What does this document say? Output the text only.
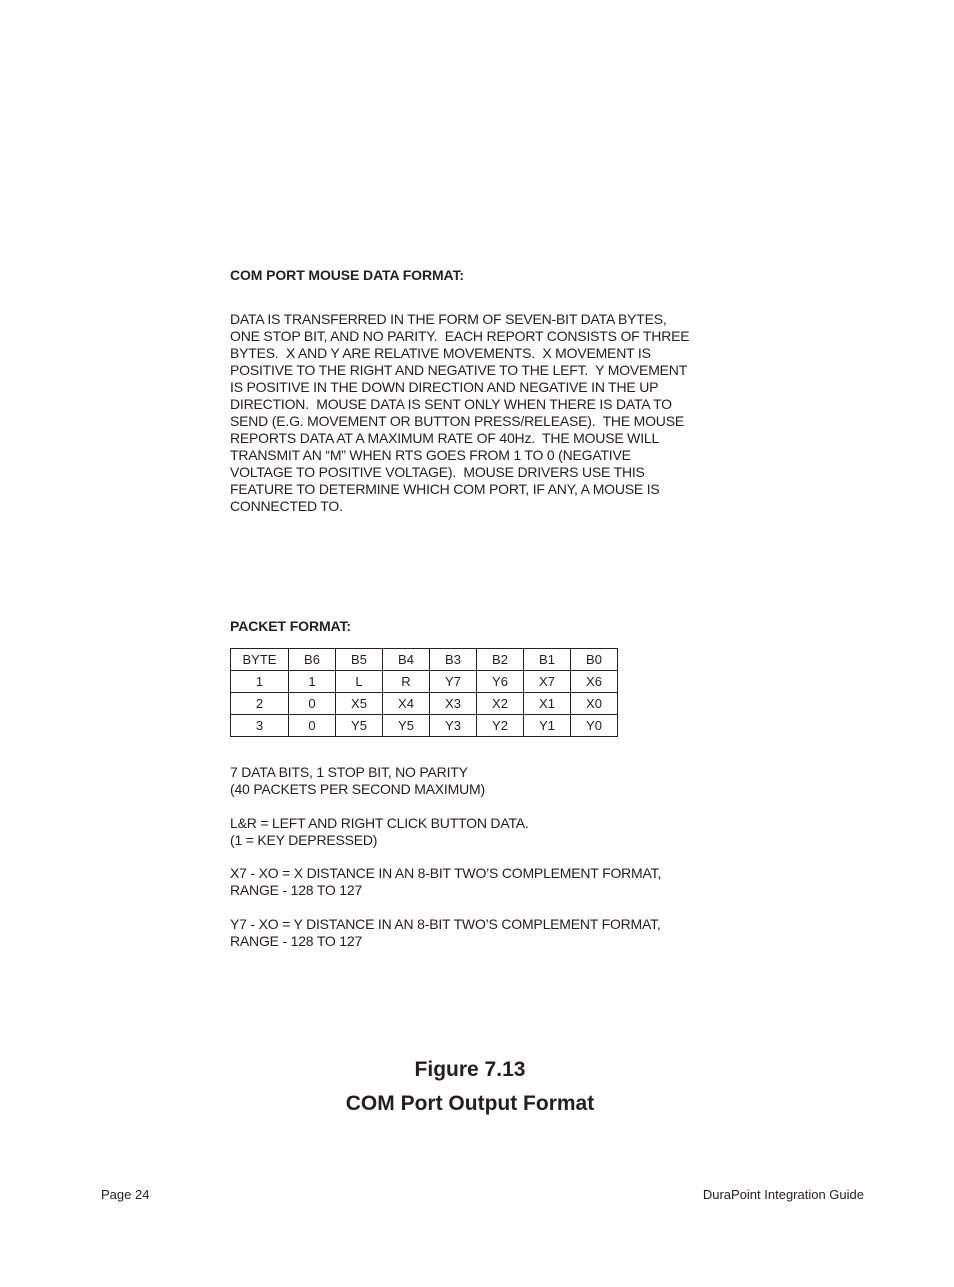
COM PORT MOUSE DATA FORMAT:
DATA IS TRANSFERRED IN THE FORM OF SEVEN-BIT DATA BYTES,
ONE STOP BIT, AND NO PARITY.  EACH REPORT CONSISTS OF THREE
BYTES.  X AND Y ARE RELATIVE MOVEMENTS.  X MOVEMENT IS
POSITIVE TO THE RIGHT AND NEGATIVE TO THE LEFT.  Y MOVEMENT
IS POSITIVE IN THE DOWN DIRECTION AND NEGATIVE IN THE UP
DIRECTION.  MOUSE DATA IS SENT ONLY WHEN THERE IS DATA TO
SEND (E.G. MOVEMENT OR BUTTON PRESS/RELEASE).  THE MOUSE
REPORTS DATA AT A MAXIMUM RATE OF 40Hz.  THE MOUSE WILL
TRANSMIT AN “M” WHEN RTS GOES FROM 1 TO 0 (NEGATIVE
VOLTAGE TO POSITIVE VOLTAGE).  MOUSE DRIVERS USE THIS
FEATURE TO DETERMINE WHICH COM PORT, IF ANY, A MOUSE IS
CONNECTED TO.
PACKET FORMAT:
BYTE	B6	B5	B4	B3	B2	B1	B0
1	1	L	R	Y7	Y6	X7	X6
2	0	X5	X4	X3	X2	X1	X0
3	0	Y5	Y5	Y3	Y2	Y1	Y0
7 DATA BITS, 1 STOP BIT, NO PARITY
(40 PACKETS PER SECOND MAXIMUM)
L&R = LEFT AND RIGHT CLICK BUTTON DATA.
(1 = KEY DEPRESSED)
X7 - XO = X DISTANCE IN AN 8-BIT TWO’S COMPLEMENT FORMAT,
RANGE - 128 TO 127
Y7 - XO = Y DISTANCE IN AN 8-BIT TWO’S COMPLEMENT FORMAT,
RANGE - 128 TO 127
Figure 7.13
COM Port Output Format
Page 24	DuraPoint Integration Guide
